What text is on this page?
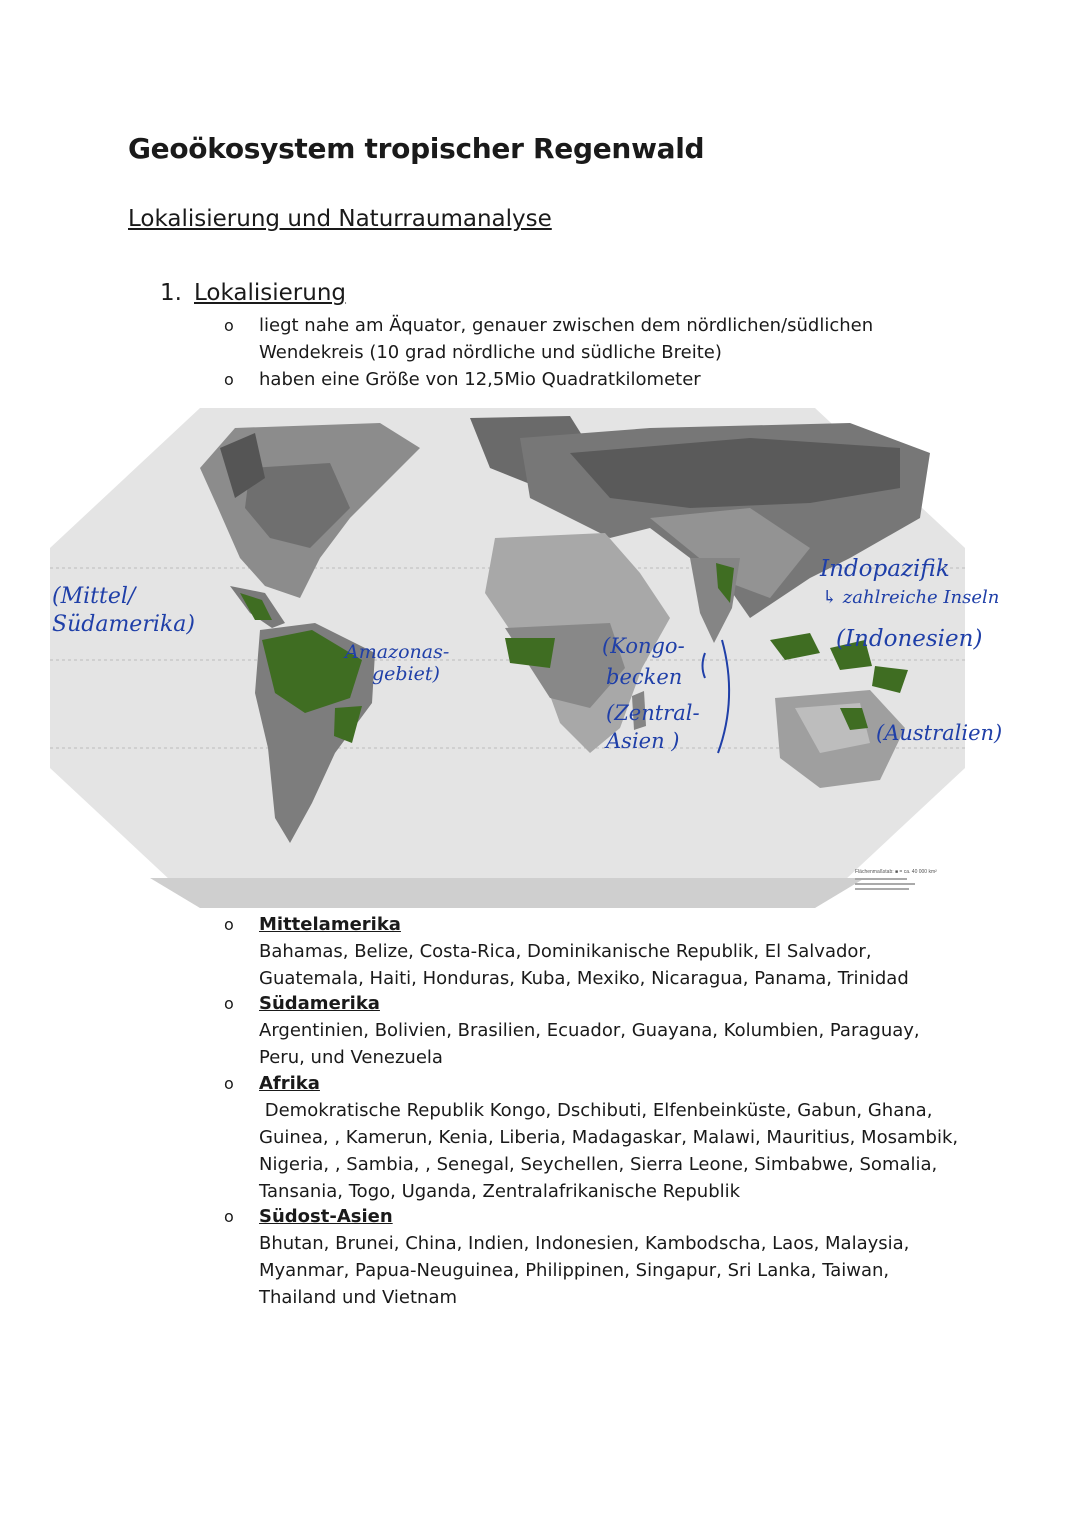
Geoökosystem tropischer Regenwald
Lokalisierung und Naturraumanalyse
1. Lokalisierung
o liegt nahe am Äquator, genauer zwischen dem nördlichen/südlichen
Wendekreis (10 grad nördliche und südliche Breite)
o haben eine Größe von 12,5Mio Quadratkilometer
Flächenmaßstab: ■ = ca. 40 000 km²
(Mittel/
Südamerika)
Amazonas-
gebiet)
(Kongo-
becken
(Zentral-
Asien )
Indopazifik
↳ zahlreiche Inseln
(Indonesien)
(Australien)
o Mittelamerika
Bahamas, Belize, Costa-Rica, Dominikanische Republik, El Salvador,
Guatemala, Haiti, Honduras, Kuba, Mexiko, Nicaragua, Panama, Trinidad
o Südamerika
Argentinien, Bolivien, Brasilien, Ecuador, Guayana, Kolumbien, Paraguay,
Peru, und Venezuela
o Afrika
Demokratische Republik Kongo, Dschibuti, Elfenbeinküste, Gabun, Ghana,
Guinea, , Kamerun, Kenia, Liberia, Madagaskar, Malawi, Mauritius, Mosambik,
Nigeria, , Sambia, , Senegal, Seychellen, Sierra Leone, Simbabwe, Somalia,
Tansania, Togo, Uganda, Zentralafrikanische Republik
o Südost-Asien
Bhutan, Brunei, China, Indien, Indonesien, Kambodscha, Laos, Malaysia,
Myanmar, Papua-Neuguinea, Philippinen, Singapur, Sri Lanka, Taiwan,
Thailand und Vietnam
